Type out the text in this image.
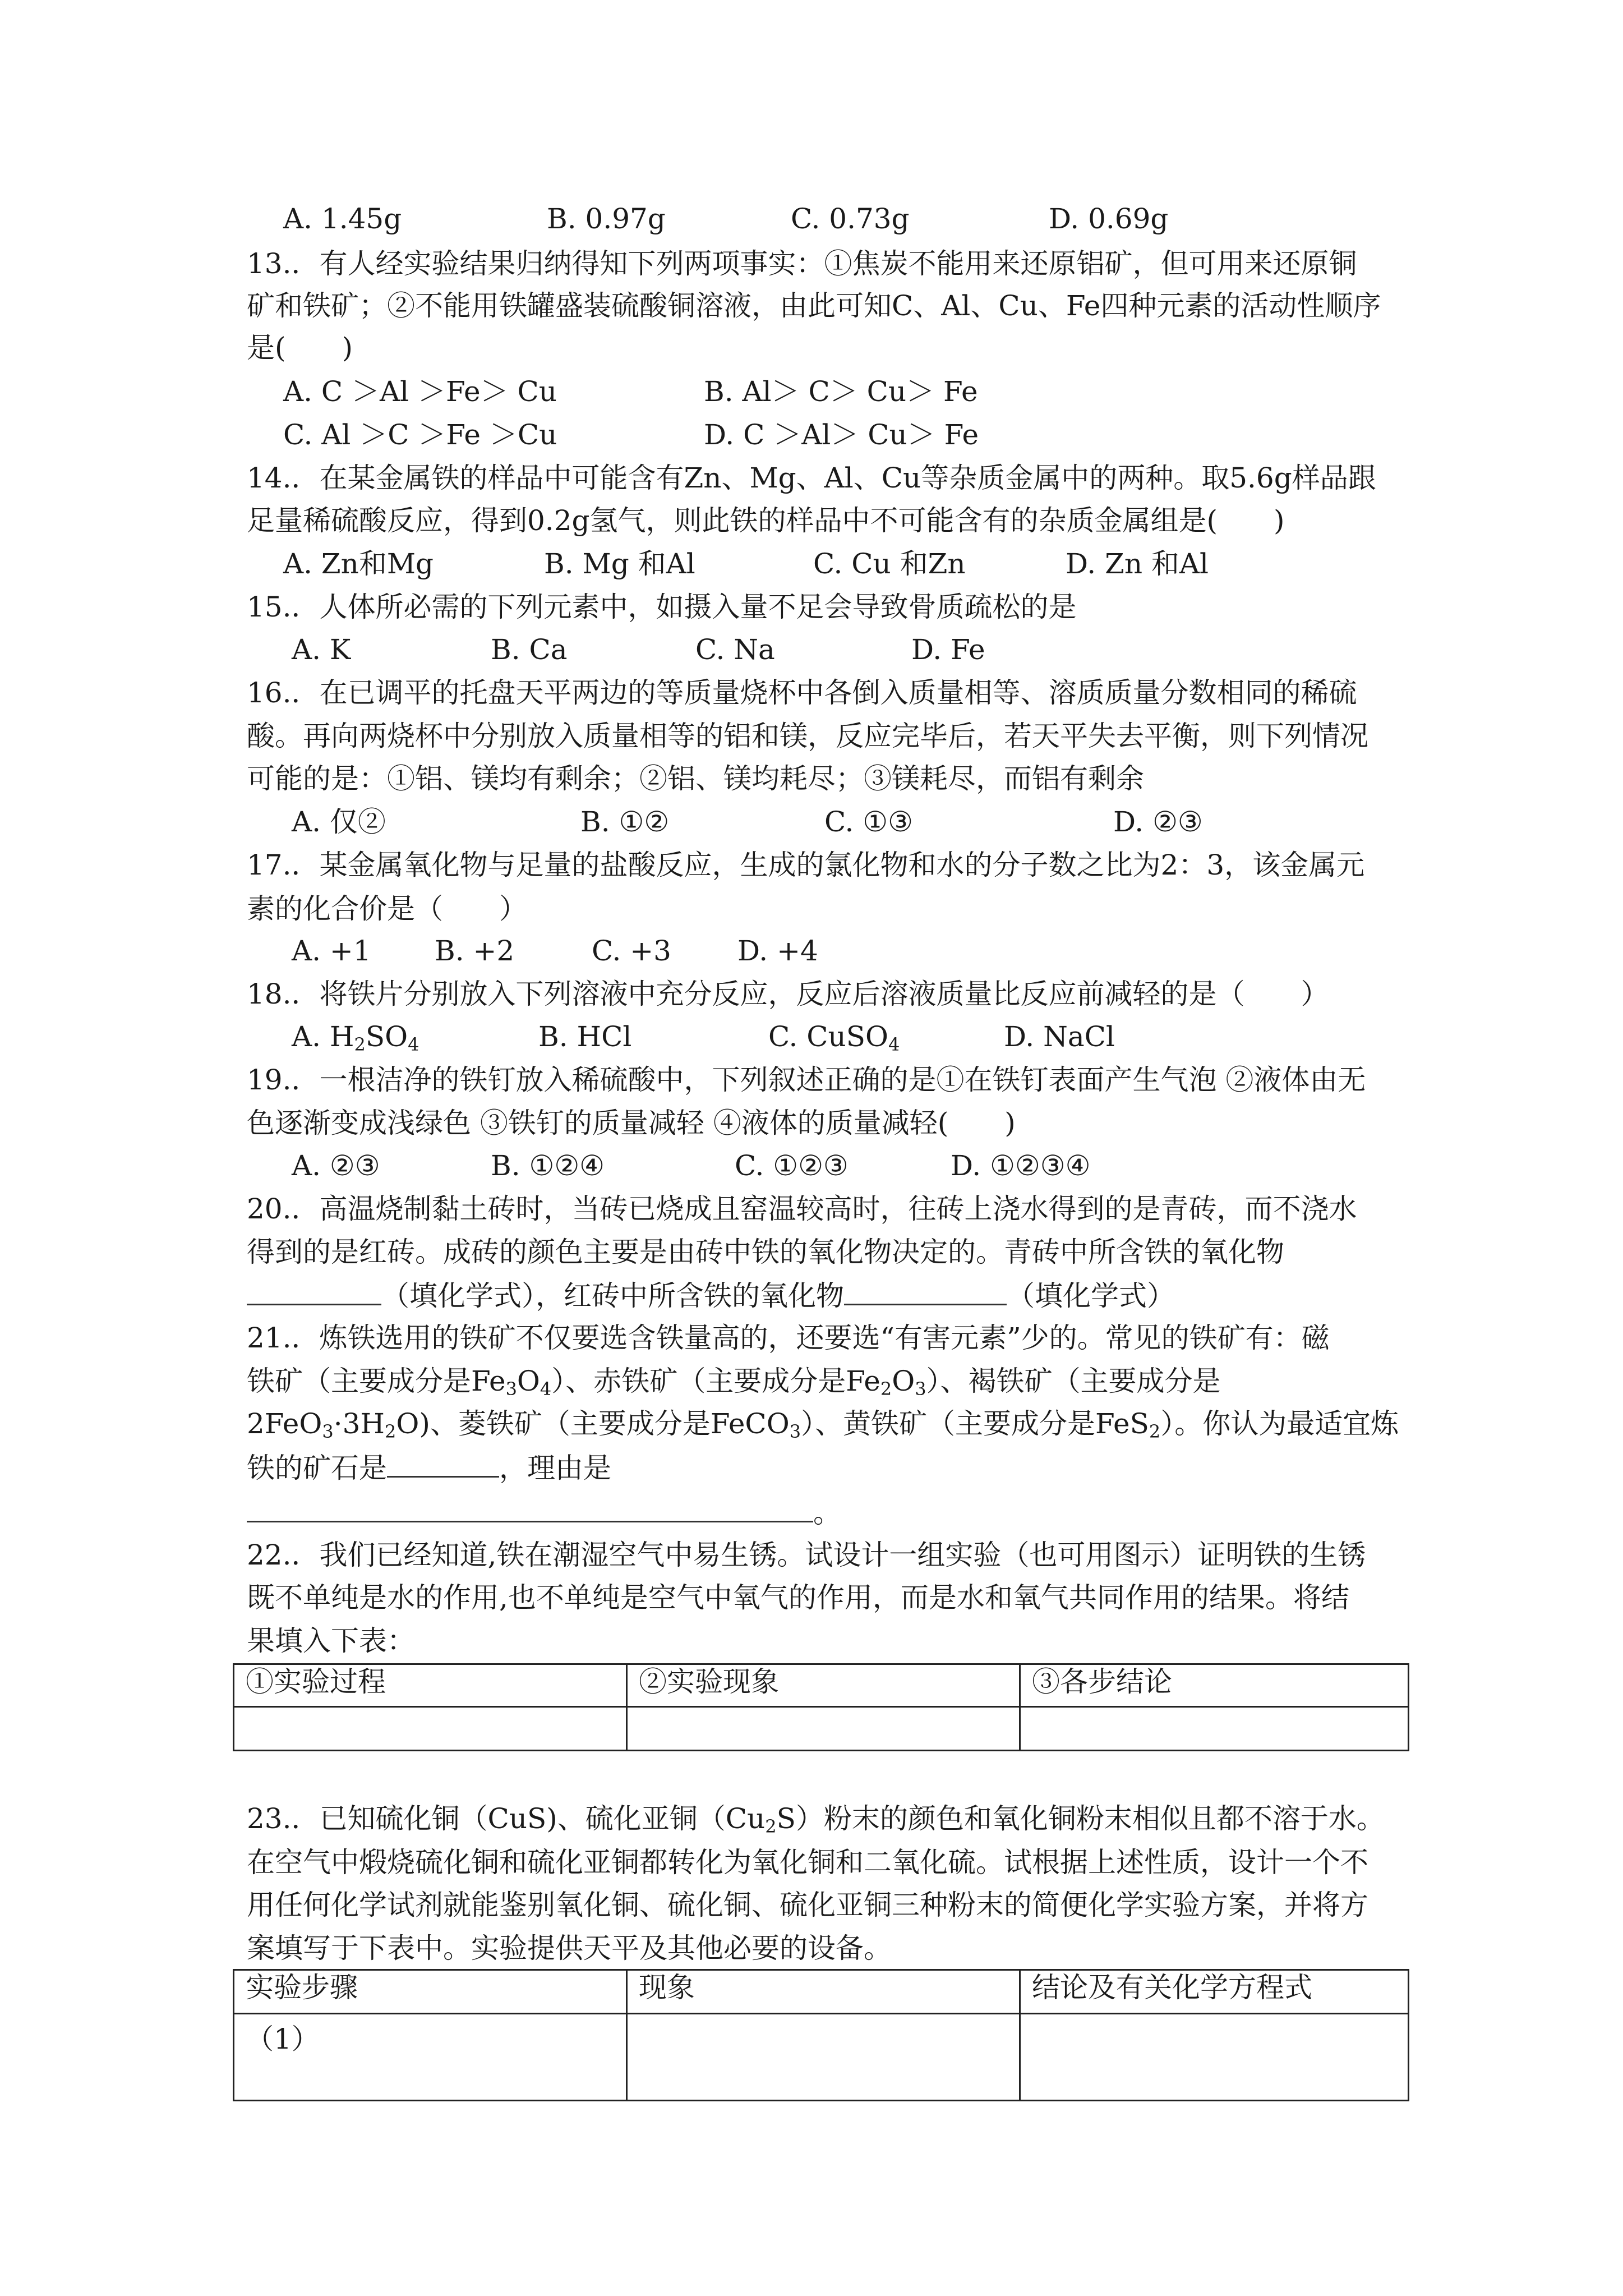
A. 1.45g	B. 0.97g	C. 0.73g	D. 0.69g
13.．有人经实验结果归纳得知下列两项事实：①焦炭不能用来还原铝矿，但可用来还原铜
矿和铁矿；②不能用铁罐盛装硫酸铜溶液，由此可知C、Al、Cu、Fe四种元素的活动性顺序
是(　　)
A. C ＞Al ＞Fe＞ Cu	B. Al＞ C＞ Cu＞ Fe
C. Al ＞C ＞Fe ＞Cu	D. C ＞Al＞ Cu＞ Fe
14.．在某金属铁的样品中可能含有Zn、Mg、Al、Cu等杂质金属中的两种。取5.6g样品跟
足量稀硫酸反应，得到0.2g氢气，则此铁的样品中不可能含有的杂质金属组是(　　)
A. Zn和Mg	B. Mg 和Al	C. Cu 和Zn	D. Zn 和Al
15.．人体所必需的下列元素中，如摄入量不足会导致骨质疏松的是
A. K	B. Ca	C. Na	D. Fe
16.．在已调平的托盘天平两边的等质量烧杯中各倒入质量相等、溶质质量分数相同的稀硫
酸。再向两烧杯中分别放入质量相等的铝和镁，反应完毕后，若天平失去平衡，则下列情况
可能的是：①铝、镁均有剩余；②铝、镁均耗尽；③镁耗尽，而铝有剩余
A. 仅②	B. ①②	C. ①③	D. ②③
17.．某金属氧化物与足量的盐酸反应，生成的氯化物和水的分子数之比为2：3，该金属元
素的化合价是（　　）
A. +1 B. +2	C. +3 D. +4
18.．将铁片分别放入下列溶液中充分反应，反应后溶液质量比反应前减轻的是（　　）
A. $H_2SO_4$	B. HCl	C. CuSO$_4$	D. NaCl
19.．一根洁净的铁钉放入稀硫酸中，下列叙述正确的是①在铁钉表面产生气泡 ②液体由无
色逐渐变成浅绿色 ③铁钉的质量减轻 ④液体的质量减轻(　　)
A. ②③	B. ①②④	C. ①②③	D. ①②③④
20.．高温烧制黏土砖时，当砖已烧成且窑温较高时，往砖上浇水得到的是青砖，而不浇水
得到的是红砖。成砖的颜色主要是由砖中铁的氧化物决定的。青砖中所含铁的氧化物
（填化学式），红砖中所含铁的氧化物	（填化学式）
21.．炼铁选用的铁矿不仅要选含铁量高的，还要选“有害元素”少的。常见的铁矿有：磁
铁矿（主要成分是$Fe_3O_4$）、赤铁矿（主要成分是$Fe_2O_3$）、褐铁矿（主要成分是
$2FeO_3\cdot 3H_2O$)、菱铁矿（主要成分是FeCO$_3$）、黄铁矿（主要成分是FeS$_2$）。你认为最适宜炼
铁的矿石是	，理由是
。
22.．我们已经知道,铁在潮湿空气中易生锈。试设计一组实验（也可用图示）证明铁的生锈
既不单纯是水的作用,也不单纯是空气中氧气的作用，而是水和氧气共同作用的结果。将结
果填入下表：
①实验过程	②实验现象	③各步结论

23.．已知硫化铜（CuS)、硫化亚铜$(Cu_2S)$粉末的颜色和氧化铜粉末相似且都不溶于水。
在空气中煅烧硫化铜和硫化亚铜都转化为氧化铜和二氧化硫。试根据上述性质，设计一个不
用任何化学试剂就能鉴别氧化铜、硫化铜、硫化亚铜三种粉末的简便化学实验方案，并将方
案填写于下表中。实验提供天平及其他必要的设备。
实验步骤	现象	结论及有关化学方程式
（1）		
